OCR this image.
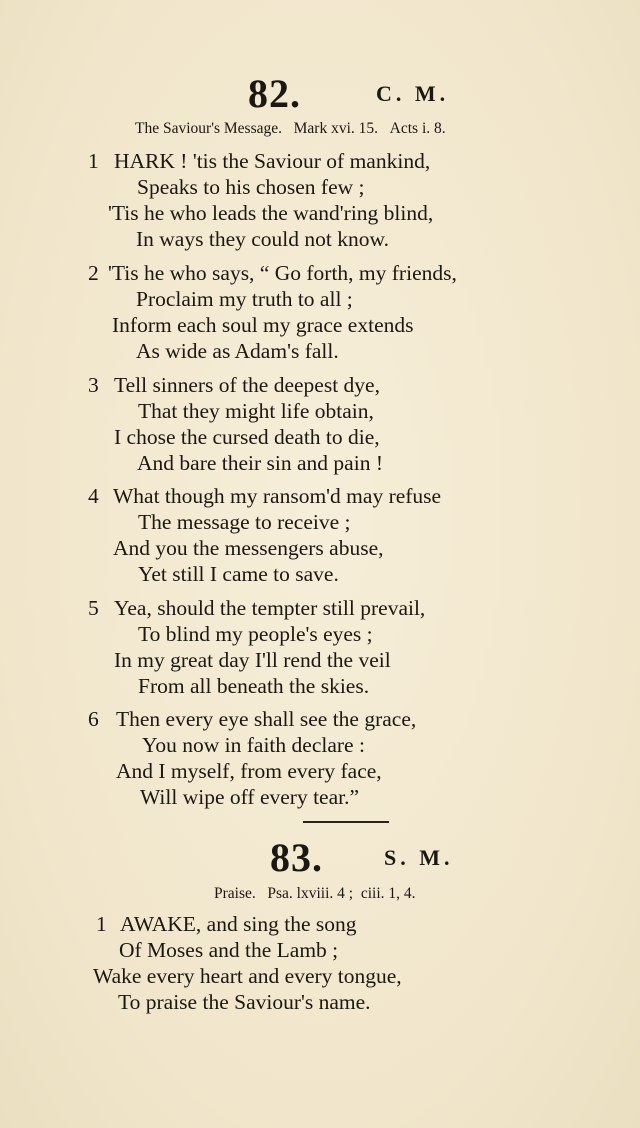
82.	C. M.
The Saviour's Message. Mark xvi. 15. Acts i. 8.
1 HARK ! 'tis the Saviour of mankind,
Speaks to his chosen few ;
'Tis he who leads the wand'ring blind,
In ways they could not know.
2 'Tis he who says, “ Go forth, my friends,
Proclaim my truth to all ;
Inform each soul my grace extends
As wide as Adam's fall.
3 Tell sinners of the deepest dye,
That they might life obtain,
I chose the cursed death to die,
And bare their sin and pain !
4 What though my ransom'd may refuse
The message to receive ;
And you the messengers abuse,
Yet still I came to save.
5 Yea, should the tempter still prevail,
To blind my people's eyes ;
In my great day I'll rend the veil
From all beneath the skies.
6 Then every eye shall see the grace,
You now in faith declare :
And I myself, from every face,
Will wipe off every tear.”
83.	S. M.
Praise. Psa. lxviii. 4 ; ciii. 1, 4.
1 AWAKE, and sing the song
Of Moses and the Lamb ;
Wake every heart and every tongue,
To praise the Saviour's name.
